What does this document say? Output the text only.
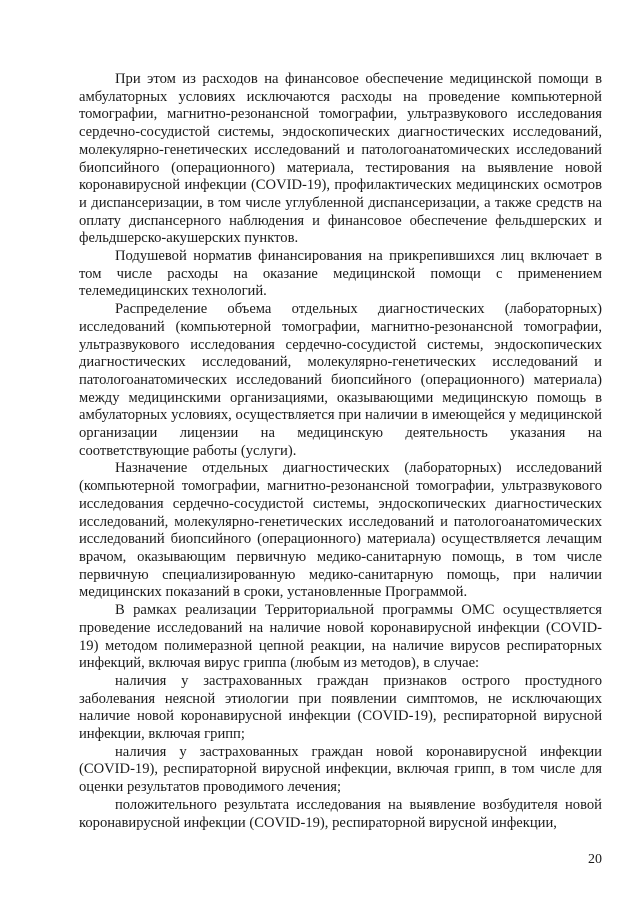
При этом из расходов на финансовое обеспечение медицинской помощи в амбулаторных условиях исключаются расходы на проведение компьютерной томографии, магнитно-резонансной томографии, ультразвукового исследования сердечно-сосудистой системы, эндоскопических диагностических исследований, молекулярно-генетических исследований и патологоанатомических исследований биопсийного (операционного) материала, тестирования на выявление новой коронавирусной инфекции (COVID-19), профилактических медицинских осмотров и диспансеризации, в том числе углубленной диспансеризации, а также средств на оплату диспансерного наблюдения и финансовое обеспечение фельдшерских и фельдшерско-акушерских пунктов.

Подушевой норматив финансирования на прикрепившихся лиц включает в том числе расходы на оказание медицинской помощи с применением телемедицинских технологий.

Распределение объема отдельных диагностических (лабораторных) исследований (компьютерной томографии, магнитно-резонансной томографии, ультразвукового исследования сердечно-сосудистой системы, эндоскопических диагностических исследований, молекулярно-генетических исследований и патологоанатомических исследований биопсийного (операционного) материала) между медицинскими организациями, оказывающими медицинскую помощь в амбулаторных условиях, осуществляется при наличии в имеющейся у медицинской организации лицензии на медицинскую деятельность указания на соответствующие работы (услуги).

Назначение отдельных диагностических (лабораторных) исследований (компьютерной томографии, магнитно-резонансной томографии, ультразвукового исследования сердечно-сосудистой системы, эндоскопических диагностических исследований, молекулярно-генетических исследований и патологоанатомических исследований биопсийного (операционного) материала) осуществляется лечащим врачом, оказывающим первичную медико-санитарную помощь, в том числе первичную специализированную медико-санитарную помощь, при наличии медицинских показаний в сроки, установленные Программой.

В рамках реализации Территориальной программы ОМС осуществляется проведение исследований на наличие новой коронавирусной инфекции (COVID-19) методом полимеразной цепной реакции, на наличие вирусов респираторных инфекций, включая вирус гриппа (любым из методов), в случае:

наличия у застрахованных граждан признаков острого простудного заболевания неясной этиологии при появлении симптомов, не исключающих наличие новой коронавирусной инфекции (COVID-19), респираторной вирусной инфекции, включая грипп;

наличия у застрахованных граждан новой коронавирусной инфекции (COVID-19), респираторной вирусной инфекции, включая грипп, в том числе для оценки результатов проводимого лечения;

положительного результата исследования на выявление возбудителя новой коронавирусной инфекции (COVID-19), респираторной вирусной инфекции,

20
